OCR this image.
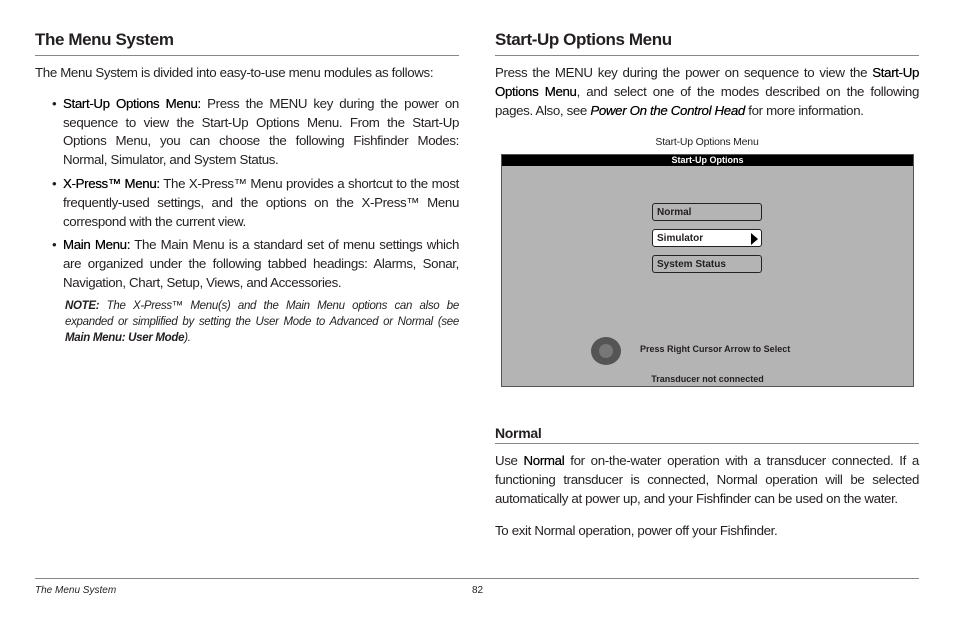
The Menu System

The Menu System is divided into easy-to-use menu modules as follows:

• Start-Up Options Menu: Press the MENU key during the power on sequence to view the Start-Up Options Menu. From the Start-Up Options Menu, you can choose the following Fishfinder Modes: Normal, Simulator, and System Status.
• X-Press™ Menu: The X-Press™ Menu provides a shortcut to the most frequently-used settings, and the options on the X-Press™ Menu correspond with the current view.
• Main Menu: The Main Menu is a standard set of menu settings which are organized under the following tabbed headings: Alarms, Sonar, Navigation, Chart, Setup, Views, and Accessories.

NOTE: The X-Press™ Menu(s) and the Main Menu options can also be expanded or simplified by setting the User Mode to Advanced or Normal (see Main Menu: User Mode).

Start-Up Options Menu

Press the MENU key during the power on sequence to view the Start-Up Options Menu, and select one of the modes described on the following pages. Also, see Power On the Control Head for more information.

Start-Up Options Menu
Start-Up Options
Normal
Simulator
System Status
Press Right Cursor Arrow to Select
Transducer not connected
Normal

Use Normal for on-the-water operation with a transducer connected. If a functioning transducer is connected, Normal operation will be selected automatically at power up, and your Fishfinder can be used on the water.

To exit Normal operation, power off your Fishfinder.

The Menu System	82
